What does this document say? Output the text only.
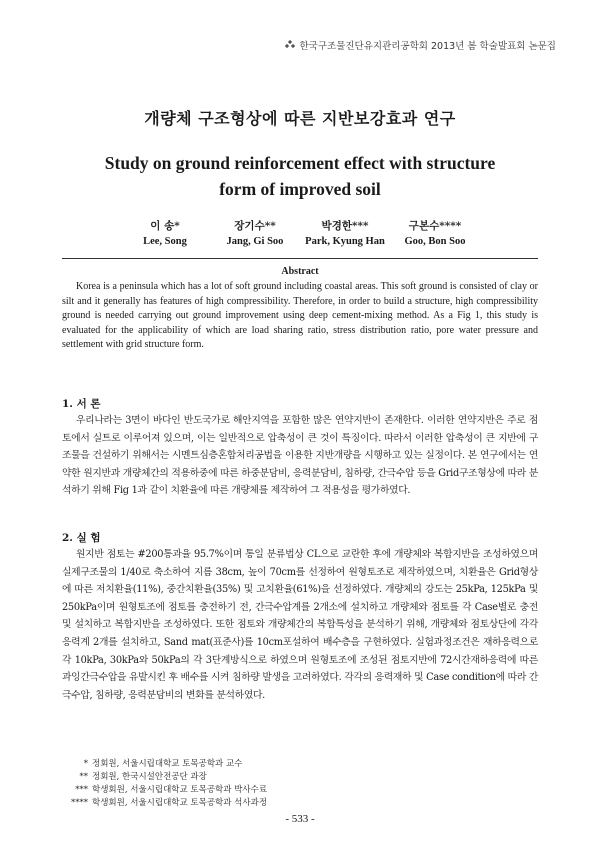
한국구조물진단유지관리공학회 2013년 봄 학술발표회 논문집
개량체 구조형상에 따른 지반보강효과 연구
Study on ground reinforcement effect with structure
form of improved soil
이 송*
Lee, Song
장기수**
Jang, Gi Soo
박경한***
Park, Kyung Han
구본수****
Goo, Bon Soo
Abstract

Korea is a peninsula which has a lot of soft ground including coastal areas. This soft ground is consisted of clay or silt and it generally has features of high compressibility. Therefore, in order to build a structure, high compressibility ground is needed carrying out ground improvement using deep cement-mixing method. As a Fig 1, this study is evaluated for the applicability of which are load sharing ratio, stress distribution ratio, pore water pressure and settlement with grid structure form.

1. 서 론

우리나라는 3면이 바다인 반도국가로 해안지역을 포함한 많은 연약지반이 존재한다. 이러한 연약지반은 주로 점토에서 실트로 이루어져 있으며, 이는 일반적으로 압축성이 큰 것이 특징이다. 따라서 이러한 압축성이 큰 지반에 구조물을 건설하기 위해서는 시멘트심층혼합처리공법을 이용한 지반개량을 시행하고 있는 실정이다. 본 연구에서는 연약한 원지반과 개량체간의 적용하중에 따른 하중분담비, 응력분담비, 침하량, 간극수압 등을 Grid구조형상에 따라 분석하기 위해 Fig 1과 같이 치환율에 따른 개량체를 제작하여 그 적용성을 평가하였다.

2. 실 험

원지반 점토는 #200통과율 95.7%이며 통일 분류법상 CL으로 교란한 후에 개량체와 복합지반을 조성하였으며 실제구조물의 1/40로 축소하여 지름 38cm, 높이 70cm를 선정하여 원형토조로 제작하였으며, 치환율은 Grid형상에 따른 저치환율(11%), 중간치환율(35%) 및 고치환율(61%)을 선정하였다. 개량체의 강도는 25kPa, 125kPa 및 250kPa이며 원형토조에 점토를 충전하기 전, 간극수압계를 2개소에 설치하고 개량체와 점토를 각 Case별로 충전 및 설치하고 복합지반을 조성하였다. 또한 점토와 개량체간의 복합특성을 분석하기 위해, 개량체와 점토상단에 각각 응력계 2개를 설치하고, Sand mat(표준사)를 10cm포설하여 배수층을 구현하였다. 실험과정조건은 재하응력으로 각 10kPa, 30kPa와 50kPa의 각 3단계방식으로 하였으며 원형토조에 조성된 점토지반에 72시간재하응력에 따른 과잉간극수압을 유발시킨 후 배수를 시켜 침하량 발생을 고려하였다. 각각의 응력재하 및 Case condition에 따라 간극수압, 침하량, 응력분담비의 변화를 분석하였다.

* 정회원, 서울시립대학교 토목공학과 교수
** 정회원, 한국시설안전공단 과장
*** 학생회원, 서울시립대학교 토목공학과 박사수료
**** 학생회원, 서울시립대학교 토목공학과 석사과정
- 533 -
